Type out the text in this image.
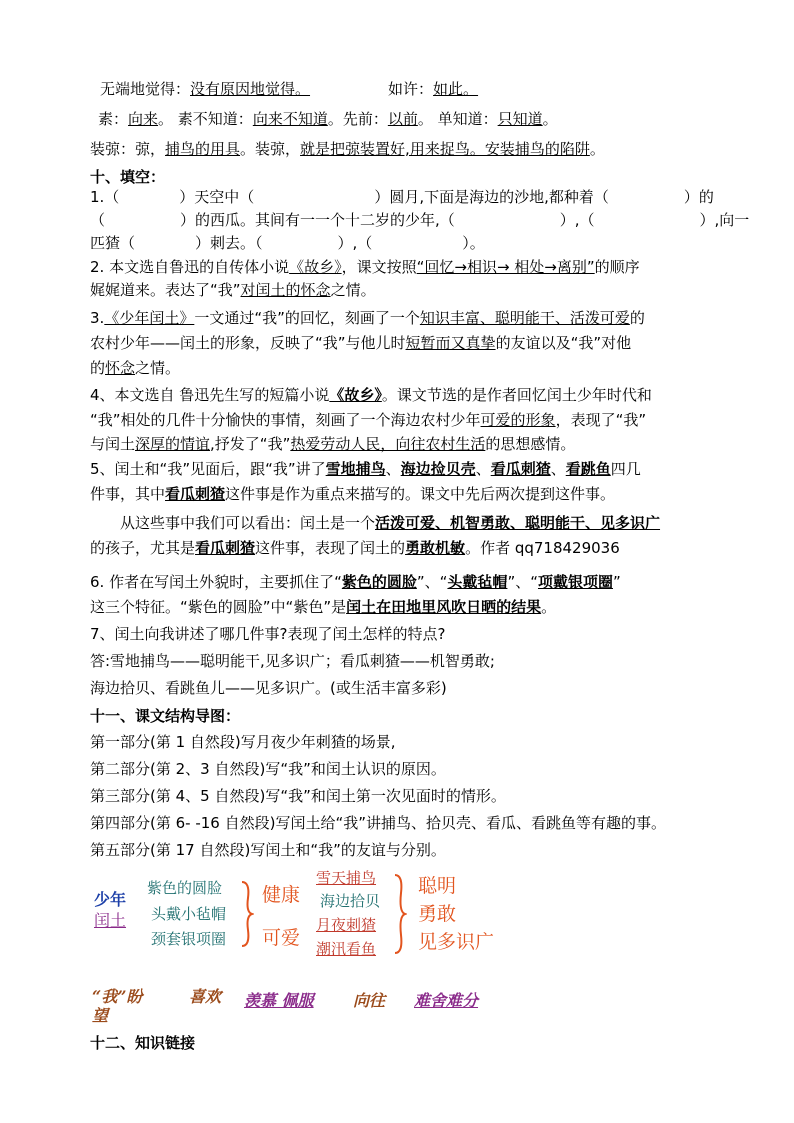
无端地觉得：没有原因地觉得。	如许：如此。
素：向来。 素不知道：向来不知道。先前：以前。 单知道：只知道。
装弶：弶，捕鸟的用具。装弶，就是把弶装置好,用来捉鸟。安装捕鸟的陷阱。
十、填空：
1.（　　　　）天空中（　　　　　　　　）圆月,下面是海边的沙地,都种着（　　　　　）的
（　　　　　）的西瓜。其间有一一个十二岁的少年,（　　　　　　　）,（　　　　　　　）,向一
匹猹（　　　　）刺去。（　　　　　）,（　　　　　　）。
2. 本文选自鲁迅的自传体小说《故乡》，课文按照“回忆→相识→ 相处→离别”的顺序
娓娓道来。表达了“我”对闰土的怀念之情。
3.《少年闰土》一文通过“我”的回忆，刻画了一个知识丰富、聪明能干、活泼可爱的
农村少年——闰土的形象，反映了“我”与他儿时短暂而又真挚的友谊以及“我”对他
的怀念之情。
4、本文选自 鲁迅先生写的短篇小说《故乡》。课文节选的是作者回忆闰土少年时代和
“我”相处的几件十分愉快的事情，刻画了一个海边农村少年可爱的形象，表现了“我”
与闰土深厚的情谊,抒发了“我”热爱劳动人民，向往农村生活的思想感情。
5、闰土和“我”见面后，跟“我”讲了雪地捕鸟、海边捡贝壳、看瓜刺猹、看跳鱼四几
件事，其中看瓜刺猹这件事是作为重点来描写的。课文中先后两次提到这件事。
从这些事中我们可以看出：闰土是一个活泼可爱、机智勇敢、聪明能干、见多识广
的孩子，尤其是看瓜刺猹这件事，表现了闰土的勇敢机敏。作者 qq718429036
6. 作者在写闰土外貌时，主要抓住了“紫色的圆脸”、“头戴毡帽”、“项戴银项圈”
这三个特征。“紫色的圆脸”中“紫色”是闰土在田地里风吹日晒的结果。
7、闰土向我讲述了哪几件事?表现了闰土怎样的特点?
答:雪地捕鸟——聪明能干,见多识广；看瓜刺猹——机智勇敢;
海边拾贝、看跳鱼儿——见多识广。(或生活丰富多彩)
十一、课文结构导图：
第一部分(第 1 自然段)写月夜少年刺猹的场景,
第二部分(第 2、3 自然段)写“我”和闰土认识的原因。
第三部分(第 4、5 自然段)写“我”和闰土第一次见面时的情形。
第四部分(第 6- -16 自然段)写闰土给“我”讲捕鸟、拾贝壳、看瓜、看跳鱼等有趣的事。
第五部分(第 17 自然段)写闰土和“我”的友谊与分别。
十二、知识链接
少年
闰土
紫色的圆脸
头戴小毡帽
颈套银项圈
健康
可爱
雪天捕鸟
海边拾贝
月夜刺猹
潮汛看鱼
聪明
勇敢
见多识广
“我”盼
望
喜欢 羡慕 佩服 向往 难舍难分
